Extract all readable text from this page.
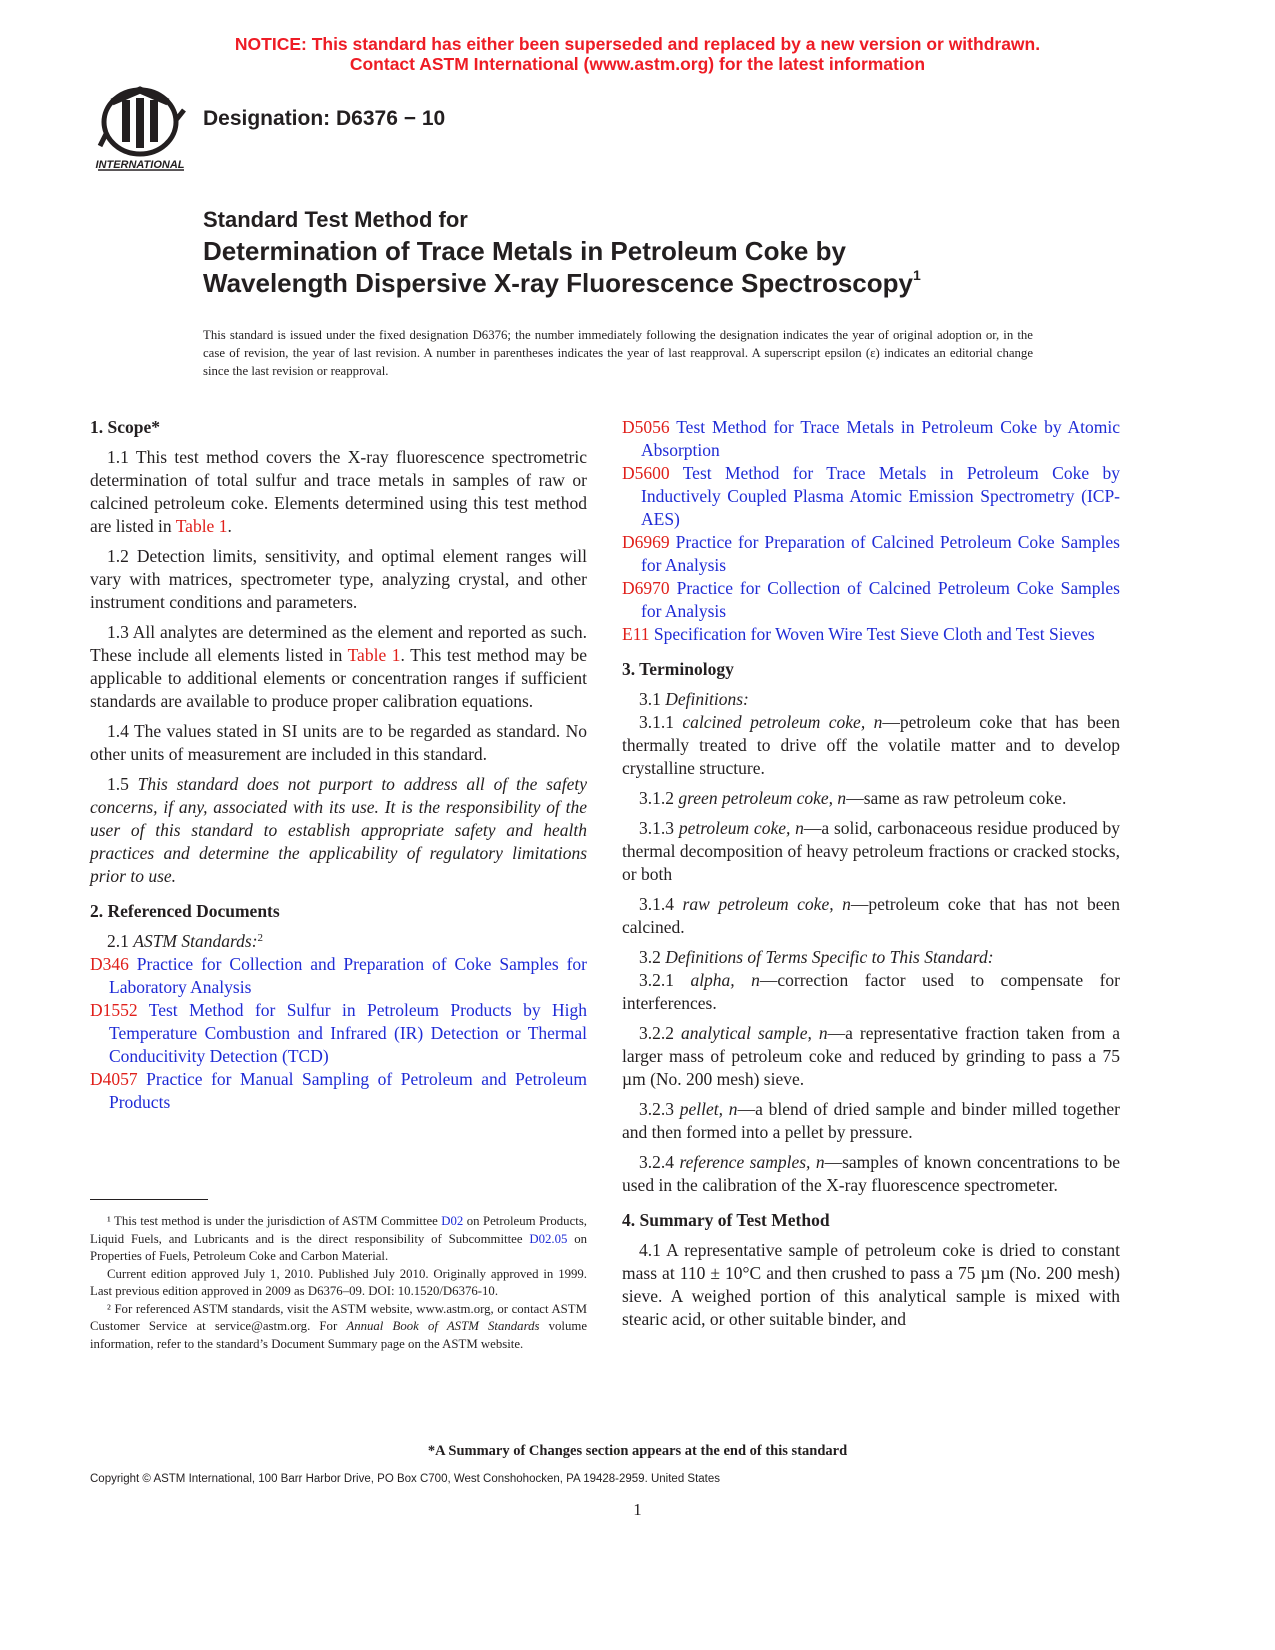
NOTICE: This standard has either been superseded and replaced by a new version or withdrawn.
Contact ASTM International (www.astm.org) for the latest information
INTERNATIONAL
Designation: D6376 − 10
Standard Test Method for
Determination of Trace Metals in Petroleum Coke by
Wavelength Dispersive X-ray Fluorescence Spectroscopy$^1$
This standard is issued under the fixed designation D6376; the number immediately following the designation indicates the year of original adoption or, in the case of revision, the year of last revision. A number in parentheses indicates the year of last reapproval. A superscript epsilon (ε) indicates an editorial change since the last revision or reapproval.

1. Scope*

1.1 This test method covers the X-ray fluorescence spectrometric determination of total sulfur and trace metals in samples of raw or calcined petroleum coke. Elements determined using this test method are listed in Table 1.

1.2 Detection limits, sensitivity, and optimal element ranges will vary with matrices, spectrometer type, analyzing crystal, and other instrument conditions and parameters.

1.3 All analytes are determined as the element and reported as such. These include all elements listed in Table 1. This test method may be applicable to additional elements or concentration ranges if sufficient standards are available to produce proper calibration equations.

1.4 The values stated in SI units are to be regarded as standard. No other units of measurement are included in this standard.

1.5 This standard does not purport to address all of the safety concerns, if any, associated with its use. It is the responsibility of the user of this standard to establish appropriate safety and health practices and determine the applicability of regulatory limitations prior to use.

2. Referenced Documents

2.1 ASTM Standards:$^2$

D346 Practice for Collection and Preparation of Coke Samples for Laboratory Analysis

D1552 Test Method for Sulfur in Petroleum Products by High Temperature Combustion and Infrared (IR) Detection or Thermal Conducitivity Detection (TCD)

D4057 Practice for Manual Sampling of Petroleum and Petroleum Products

¹ This test method is under the jurisdiction of ASTM Committee D02 on Petroleum Products, Liquid Fuels, and Lubricants and is the direct responsibility of Subcommittee D02.05 on Properties of Fuels, Petroleum Coke and Carbon Material.

Current edition approved July 1, 2010. Published July 2010. Originally approved in 1999. Last previous edition approved in 2009 as D6376–09. DOI: 10.1520/D6376-10.

² For referenced ASTM standards, visit the ASTM website, www.astm.org, or contact ASTM Customer Service at service@astm.org. For Annual Book of ASTM Standards volume information, refer to the standard’s Document Summary page on the ASTM website.

D5056 Test Method for Trace Metals in Petroleum Coke by Atomic Absorption

D5600 Test Method for Trace Metals in Petroleum Coke by Inductively Coupled Plasma Atomic Emission Spectrometry (ICP-AES)

D6969 Practice for Preparation of Calcined Petroleum Coke Samples for Analysis

D6970 Practice for Collection of Calcined Petroleum Coke Samples for Analysis

E11 Specification for Woven Wire Test Sieve Cloth and Test Sieves

3. Terminology

3.1 Definitions:

3.1.1 calcined petroleum coke, n—petroleum coke that has been thermally treated to drive off the volatile matter and to develop crystalline structure.

3.1.2 green petroleum coke, n—same as raw petroleum coke.

3.1.3 petroleum coke, n—a solid, carbonaceous residue produced by thermal decomposition of heavy petroleum fractions or cracked stocks, or both

3.1.4 raw petroleum coke, n—petroleum coke that has not been calcined.

3.2 Definitions of Terms Specific to This Standard:

3.2.1 alpha, n—correction factor used to compensate for interferences.

3.2.2 analytical sample, n—a representative fraction taken from a larger mass of petroleum coke and reduced by grinding to pass a 75 µm (No. 200 mesh) sieve.

3.2.3 pellet, n—a blend of dried sample and binder milled together and then formed into a pellet by pressure.

3.2.4 reference samples, n—samples of known concentrations to be used in the calibration of the X-ray fluorescence spectrometer.

4. Summary of Test Method

4.1 A representative sample of petroleum coke is dried to constant mass at 110 ± 10°C and then crushed to pass a 75 µm (No. 200 mesh) sieve. A weighed portion of this analytical sample is mixed with stearic acid, or other suitable binder, and

*A Summary of Changes section appears at the end of this standard
Copyright © ASTM International, 100 Barr Harbor Drive, PO Box C700, West Conshohocken, PA 19428-2959. United States
1
